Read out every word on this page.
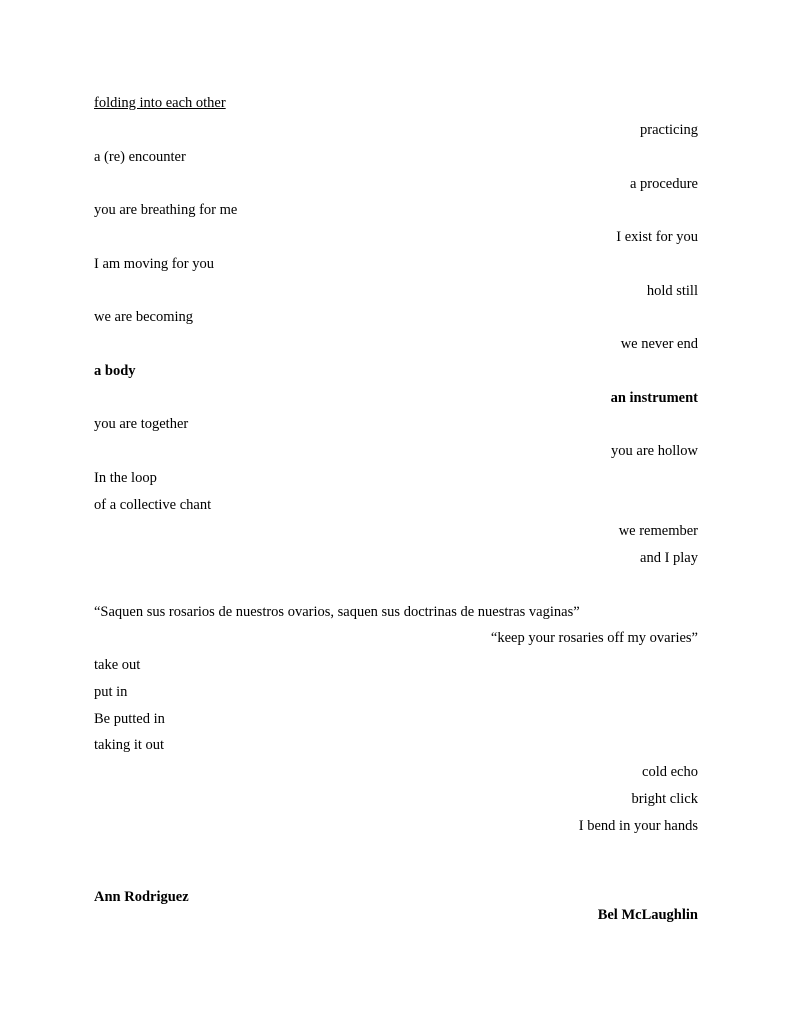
folding into each other
practicing
a (re) encounter
a procedure
you are breathing for me
I exist for you
I am moving for you
hold still
we are becoming
we never end
a body
an instrument
you are together
you are hollow
In the loop
of a collective chant
we remember
and I play
“Saquen sus rosarios de nuestros ovarios, saquen sus doctrinas de nuestras vaginas”
“keep your rosaries off my ovaries”
take out
put in
Be putted in
taking it out
cold echo
bright click
I bend in your hands
Ann Rodriguez
Bel McLaughlin
